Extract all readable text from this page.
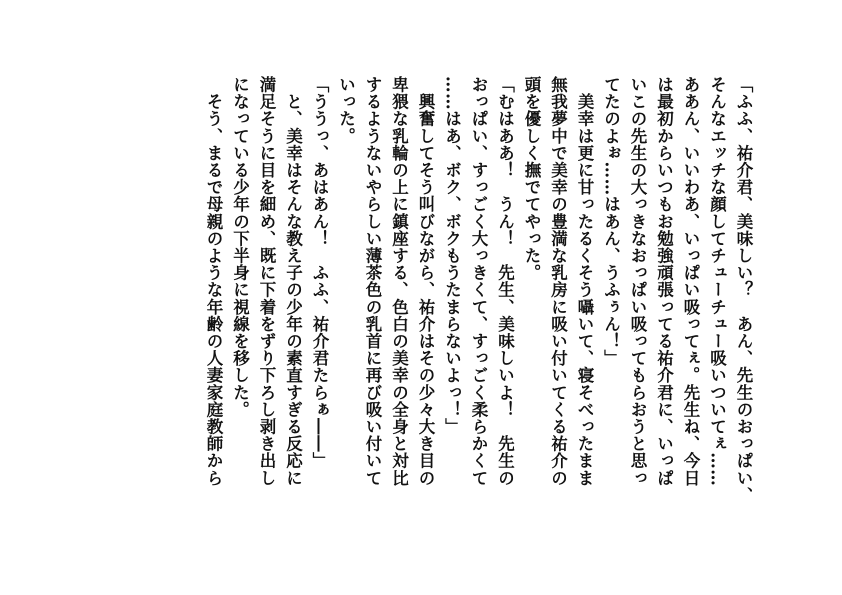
「ふふ、祐介君、美味しい？　あん、先生のおっぱい、
そんなエッチな顔してチューチュー吸いついてぇ……
ああん、いいわあ、いっぱい吸ってぇ。先生ね、今日
は最初からいつもお勉強頑張ってる祐介君に、いっぱ
いこの先生の大っきなおっぱい吸ってもらおうと思っ
てたのよぉ……はあん、うふぅん！」
　美幸は更に甘ったるくそう囁いて、寝そべったまま
無我夢中で美幸の豊満な乳房に吸い付いてくる祐介の
頭を優しく撫でてやった。
「むはああ！　うん！　先生、美味しいよ！　先生の
おっぱい、すっごく大っきくて、すっごく柔らかくて
……はあ、ボク、ボクもうたまらないよっ！」
　興奮してそう叫びながら、祐介はその少々大き目の
卑猥な乳輪の上に鎮座する、色白の美幸の全身と対比
するようないやらしい薄茶色の乳首に再び吸い付いて
いった。
「ううっ、あはあん！　ふふ、祐介君たらぁ――」
　と、美幸はそんな教え子の少年の素直すぎる反応に
満足そうに目を細め、既に下着をずり下ろし剥き出し
になっている少年の下半身に視線を移した。
　そう、まるで母親のような年齢の人妻家庭教師から
